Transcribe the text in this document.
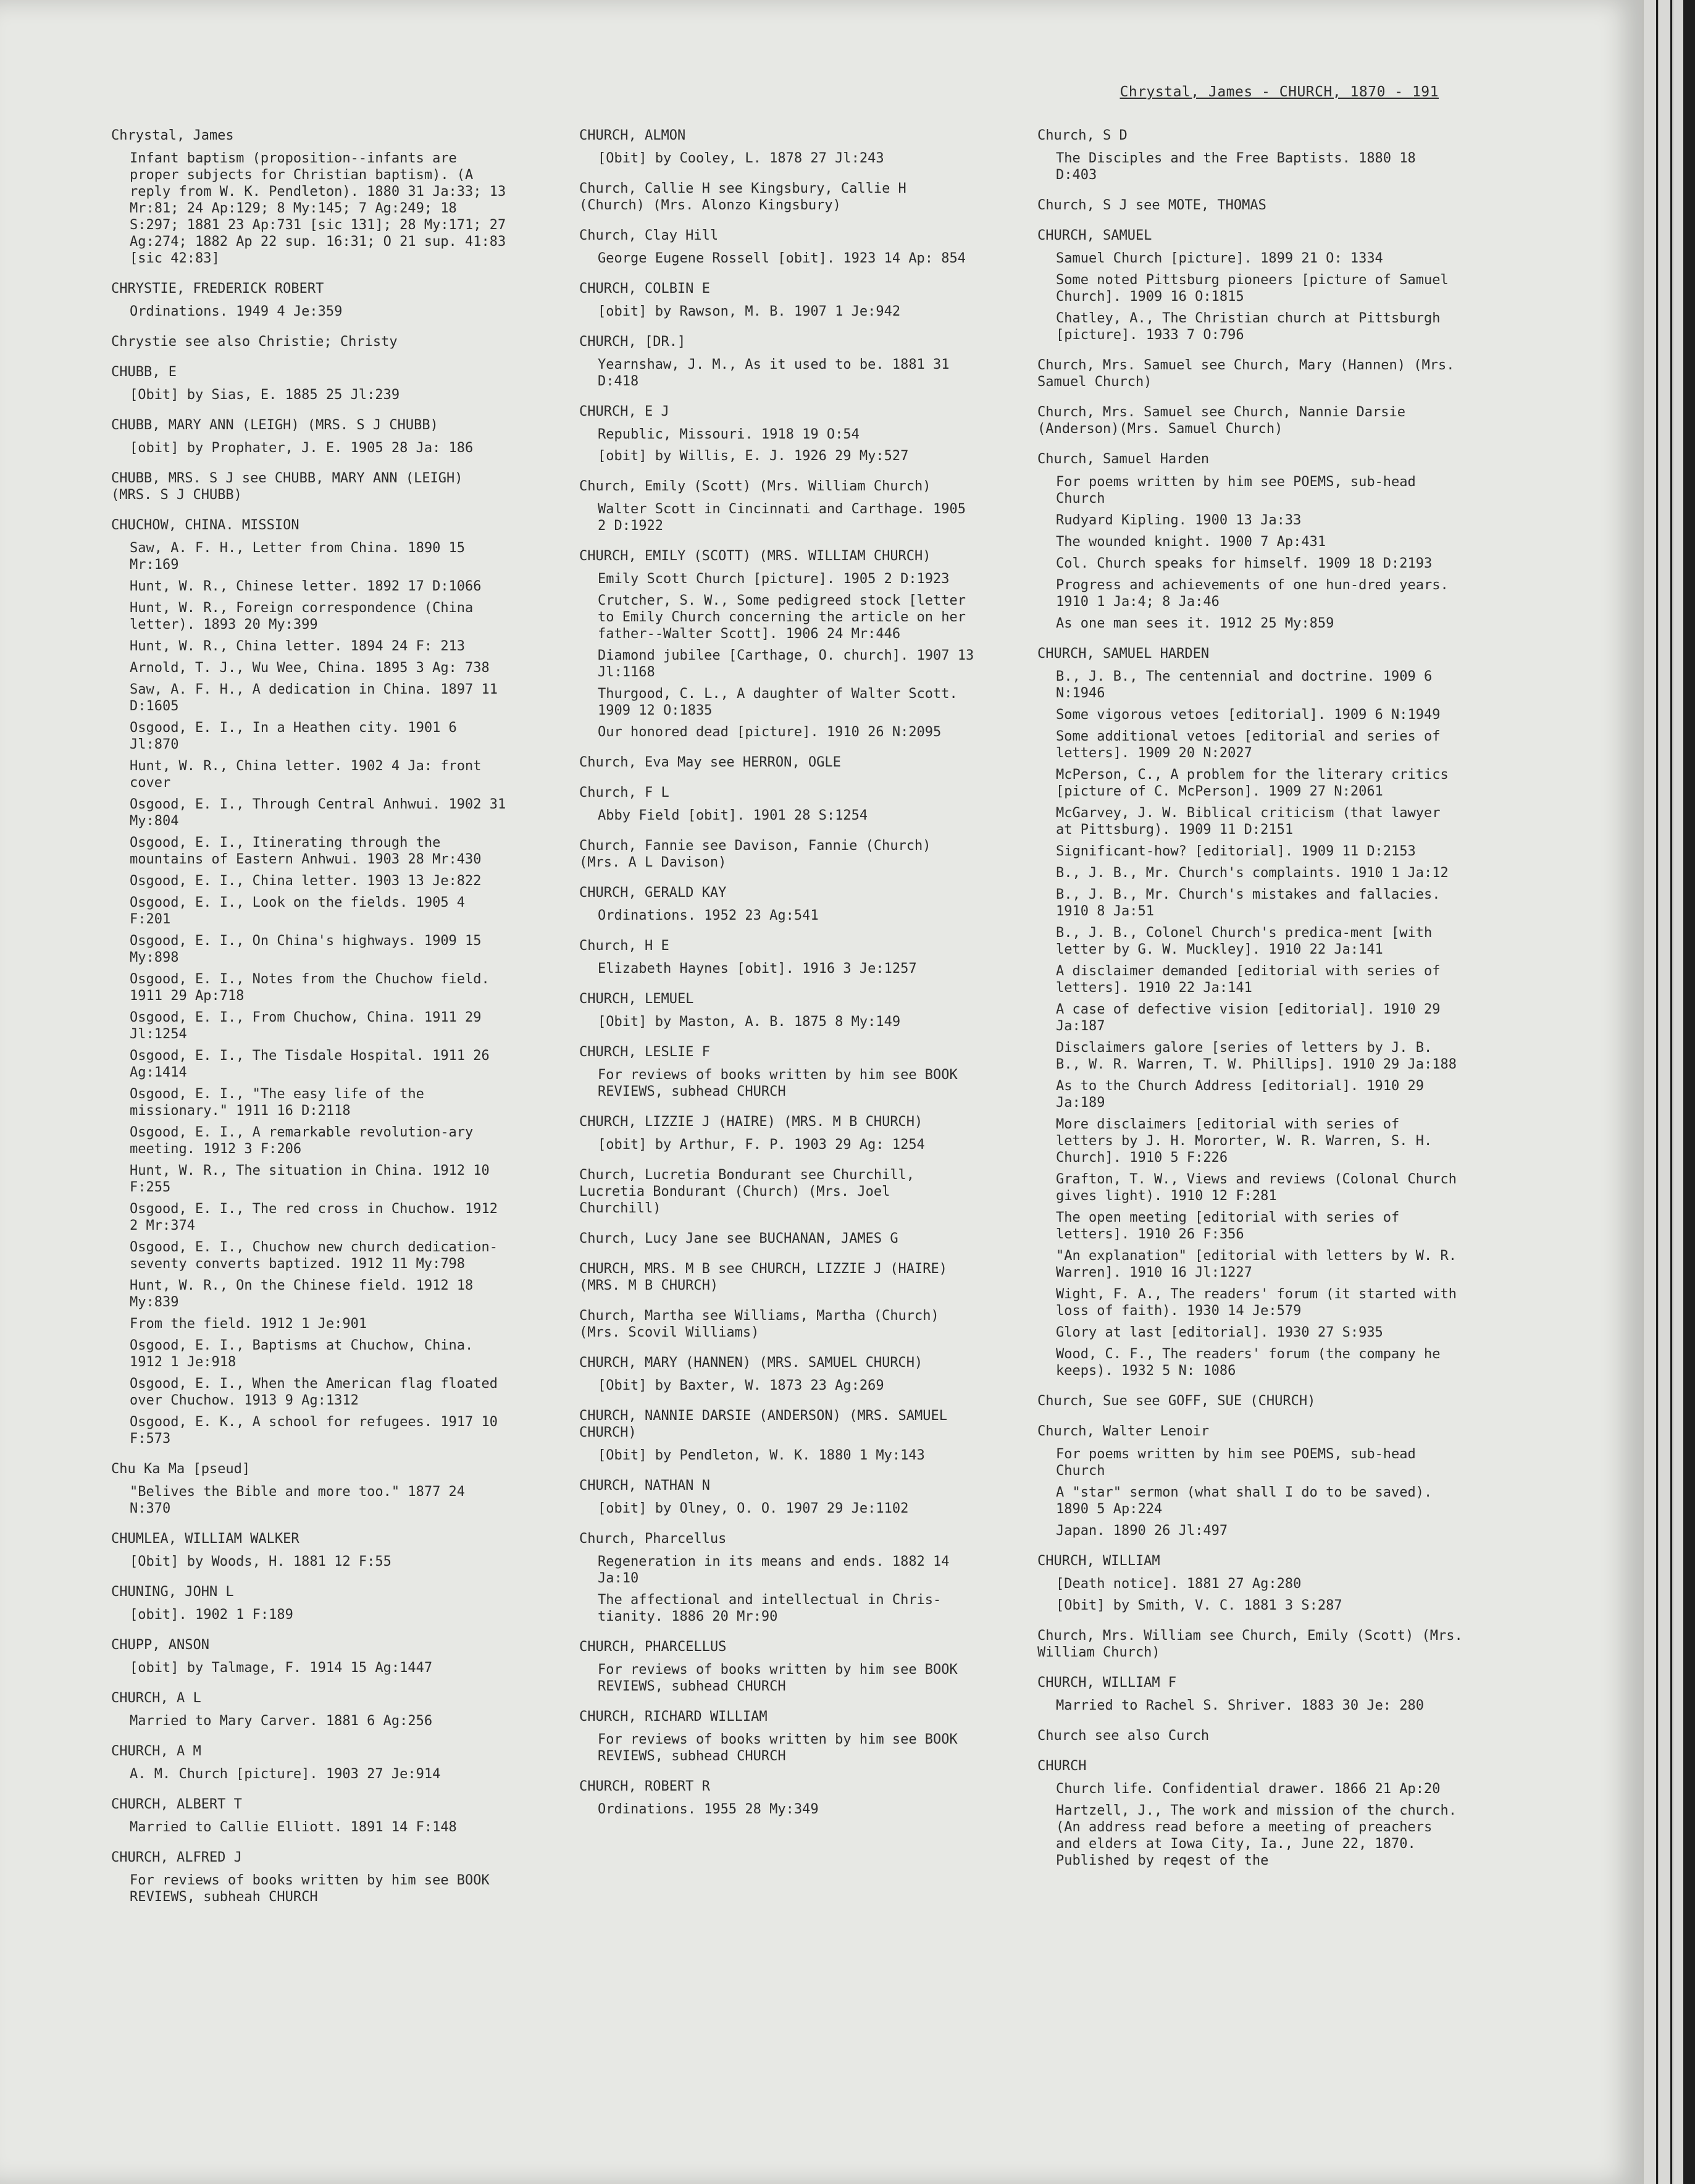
Chrystal, James - CHURCH, 1870 - 191
Chrystal, James
Infant baptism (proposition--infants are proper subjects for Christian baptism). (A reply from W. K. Pendleton). 1880 31 Ja:33; 13 Mr:81; 24 Ap:129; 8 My:145; 7 Ag:249; 18 S:297; 1881 23 Ap:731 [sic 131]; 28 My:171; 27 Ag:274; 1882 Ap 22 sup. 16:31; O 21 sup. 41:83 [sic 42:83]
CHRYSTIE, FREDERICK ROBERT
Ordinations. 1949 4 Je:359
Chrystie see also Christie; Christy
CHUBB, E
[Obit] by Sias, E. 1885 25 Jl:239
CHUBB, MARY ANN (LEIGH) (MRS. S J CHUBB)
[obit] by Prophater, J. E. 1905 28 Ja: 186
CHUBB, MRS. S J see CHUBB, MARY ANN (LEIGH) (MRS. S J CHUBB)
CHUCHOW, CHINA. MISSION
Saw, A. F. H., Letter from China. 1890 15 Mr:169
Hunt, W. R., Chinese letter. 1892 17 D:1066
Hunt, W. R., Foreign correspondence (China letter). 1893 20 My:399
Hunt, W. R., China letter. 1894 24 F: 213
Arnold, T. J., Wu Wee, China. 1895 3 Ag: 738
Saw, A. F. H., A dedication in China. 1897 11 D:1605
Osgood, E. I., In a Heathen city. 1901 6 Jl:870
Hunt, W. R., China letter. 1902 4 Ja: front cover
Osgood, E. I., Through Central Anhwui. 1902 31 My:804
Osgood, E. I., Itinerating through the mountains of Eastern Anhwui. 1903 28 Mr:430
Osgood, E. I., China letter. 1903 13 Je:822
Osgood, E. I., Look on the fields. 1905 4 F:201
Osgood, E. I., On China's highways. 1909 15 My:898
Osgood, E. I., Notes from the Chuchow field. 1911 29 Ap:718
Osgood, E. I., From Chuchow, China. 1911 29 Jl:1254
Osgood, E. I., The Tisdale Hospital. 1911 26 Ag:1414
Osgood, E. I., "The easy life of the missionary." 1911 16 D:2118
Osgood, E. I., A remarkable revolution-ary meeting. 1912 3 F:206
Hunt, W. R., The situation in China. 1912 10 F:255
Osgood, E. I., The red cross in Chuchow. 1912 2 Mr:374
Osgood, E. I., Chuchow new church dedication-seventy converts baptized. 1912 11 My:798
Hunt, W. R., On the Chinese field. 1912 18 My:839
From the field. 1912 1 Je:901
Osgood, E. I., Baptisms at Chuchow, China. 1912 1 Je:918
Osgood, E. I., When the American flag floated over Chuchow. 1913 9 Ag:1312
Osgood, E. K., A school for refugees. 1917 10 F:573
Chu Ka Ma [pseud]
"Belives the Bible and more too." 1877 24 N:370
CHUMLEA, WILLIAM WALKER
[Obit] by Woods, H. 1881 12 F:55
CHUNING, JOHN L
[obit]. 1902 1 F:189
CHUPP, ANSON
[obit] by Talmage, F. 1914 15 Ag:1447
CHURCH, A L
Married to Mary Carver. 1881 6 Ag:256
CHURCH, A M
A. M. Church [picture]. 1903 27 Je:914
CHURCH, ALBERT T
Married to Callie Elliott. 1891 14 F:148
CHURCH, ALFRED J
For reviews of books written by him see BOOK REVIEWS, subheah CHURCH
CHURCH, ALMON
[Obit] by Cooley, L. 1878 27 Jl:243
Church, Callie H see Kingsbury, Callie H (Church) (Mrs. Alonzo Kingsbury)
Church, Clay Hill
George Eugene Rossell [obit]. 1923 14 Ap: 854
CHURCH, COLBIN E
[obit] by Rawson, M. B. 1907 1 Je:942
CHURCH, [DR.]
Yearnshaw, J. M., As it used to be. 1881 31 D:418
CHURCH, E J
Republic, Missouri. 1918 19 O:54
[obit] by Willis, E. J. 1926 29 My:527
Church, Emily (Scott) (Mrs. William Church)
Walter Scott in Cincinnati and Carthage. 1905 2 D:1922
CHURCH, EMILY (SCOTT) (MRS. WILLIAM CHURCH)
Emily Scott Church [picture]. 1905 2 D:1923
Crutcher, S. W., Some pedigreed stock [letter to Emily Church concerning the article on her father--Walter Scott]. 1906 24 Mr:446
Diamond jubilee [Carthage, O. church]. 1907 13 Jl:1168
Thurgood, C. L., A daughter of Walter Scott. 1909 12 O:1835
Our honored dead [picture]. 1910 26 N:2095
Church, Eva May see HERRON, OGLE
Church, F L
Abby Field [obit]. 1901 28 S:1254
Church, Fannie see Davison, Fannie (Church) (Mrs. A L Davison)
CHURCH, GERALD KAY
Ordinations. 1952 23 Ag:541
Church, H E
Elizabeth Haynes [obit]. 1916 3 Je:1257
CHURCH, LEMUEL
[Obit] by Maston, A. B. 1875 8 My:149
CHURCH, LESLIE F
For reviews of books written by him see BOOK REVIEWS, subhead CHURCH
CHURCH, LIZZIE J (HAIRE) (MRS. M B CHURCH)
[obit] by Arthur, F. P. 1903 29 Ag: 1254
Church, Lucretia Bondurant see Churchill, Lucretia Bondurant (Church) (Mrs. Joel Churchill)
Church, Lucy Jane see BUCHANAN, JAMES G
CHURCH, MRS. M B see CHURCH, LIZZIE J (HAIRE) (MRS. M B CHURCH)
Church, Martha see Williams, Martha (Church) (Mrs. Scovil Williams)
CHURCH, MARY (HANNEN) (MRS. SAMUEL CHURCH)
[Obit] by Baxter, W. 1873 23 Ag:269
CHURCH, NANNIE DARSIE (ANDERSON) (MRS. SAMUEL CHURCH)
[Obit] by Pendleton, W. K. 1880 1 My:143
CHURCH, NATHAN N
[obit] by Olney, O. O. 1907 29 Je:1102
Church, Pharcellus
Regeneration in its means and ends. 1882 14 Ja:10
The affectional and intellectual in Chris-tianity. 1886 20 Mr:90
CHURCH, PHARCELLUS
For reviews of books written by him see BOOK REVIEWS, subhead CHURCH
CHURCH, RICHARD WILLIAM
For reviews of books written by him see BOOK REVIEWS, subhead CHURCH
CHURCH, ROBERT R
Ordinations. 1955 28 My:349
Church, S D
The Disciples and the Free Baptists. 1880 18 D:403
Church, S J see MOTE, THOMAS
CHURCH, SAMUEL
Samuel Church [picture]. 1899 21 O: 1334
Some noted Pittsburg pioneers [picture of Samuel Church]. 1909 16 O:1815
Chatley, A., The Christian church at Pittsburgh [picture]. 1933 7 O:796
Church, Mrs. Samuel see Church, Mary (Hannen) (Mrs. Samuel Church)
Church, Mrs. Samuel see Church, Nannie Darsie (Anderson)(Mrs. Samuel Church)
Church, Samuel Harden
For poems written by him see POEMS, sub-head Church
Rudyard Kipling. 1900 13 Ja:33
The wounded knight. 1900 7 Ap:431
Col. Church speaks for himself. 1909 18 D:2193
Progress and achievements of one hun-dred years. 1910 1 Ja:4; 8 Ja:46
As one man sees it. 1912 25 My:859
CHURCH, SAMUEL HARDEN
B., J. B., The centennial and doctrine. 1909 6 N:1946
Some vigorous vetoes [editorial]. 1909 6 N:1949
Some additional vetoes [editorial and series of letters]. 1909 20 N:2027
McPerson, C., A problem for the literary critics [picture of C. McPerson]. 1909 27 N:2061
McGarvey, J. W. Biblical criticism (that lawyer at Pittsburg). 1909 11 D:2151
Significant-how? [editorial]. 1909 11 D:2153
B., J. B., Mr. Church's complaints. 1910 1 Ja:12
B., J. B., Mr. Church's mistakes and fallacies. 1910 8 Ja:51
B., J. B., Colonel Church's predica-ment [with letter by G. W. Muckley]. 1910 22 Ja:141
A disclaimer demanded [editorial with series of letters]. 1910 22 Ja:141
A case of defective vision [editorial]. 1910 29 Ja:187
Disclaimers galore [series of letters by J. B. B., W. R. Warren, T. W. Phillips]. 1910 29 Ja:188
As to the Church Address [editorial]. 1910 29 Ja:189
More disclaimers [editorial with series of letters by J. H. Mororter, W. R. Warren, S. H. Church]. 1910 5 F:226
Grafton, T. W., Views and reviews (Colonal Church gives light). 1910 12 F:281
The open meeting [editorial with series of letters]. 1910 26 F:356
"An explanation" [editorial with letters by W. R. Warren]. 1910 16 Jl:1227
Wight, F. A., The readers' forum (it started with loss of faith). 1930 14 Je:579
Glory at last [editorial]. 1930 27 S:935
Wood, C. F., The readers' forum (the company he keeps). 1932 5 N: 1086
Church, Sue see GOFF, SUE (CHURCH)
Church, Walter Lenoir
For poems written by him see POEMS, sub-head Church
A "star" sermon (what shall I do to be saved). 1890 5 Ap:224
Japan. 1890 26 Jl:497
CHURCH, WILLIAM
[Death notice]. 1881 27 Ag:280
[Obit] by Smith, V. C. 1881 3 S:287
Church, Mrs. William see Church, Emily (Scott) (Mrs. William Church)
CHURCH, WILLIAM F
Married to Rachel S. Shriver. 1883 30 Je: 280
Church see also Curch
CHURCH
Church life. Confidential drawer. 1866 21 Ap:20
Hartzell, J., The work and mission of the church. (An address read before a meeting of preachers and elders at Iowa City, Ia., June 22, 1870. Published by reqest of the
